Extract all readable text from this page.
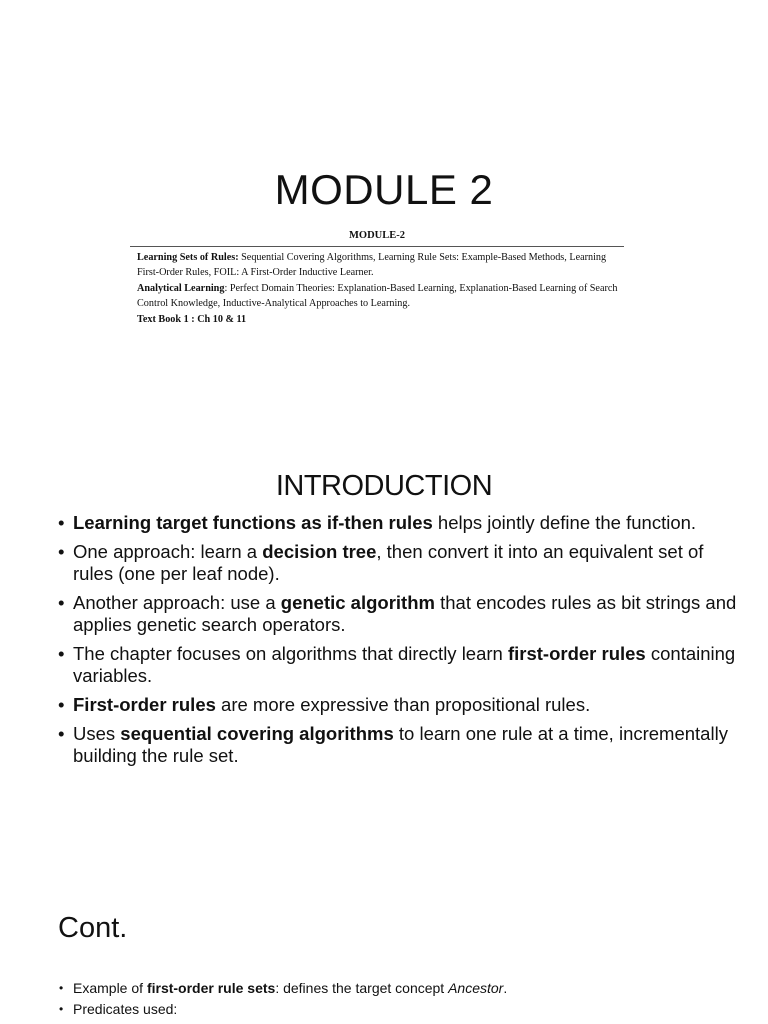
MODULE 2
MODULE-2

Learning Sets of Rules: Sequential Covering Algorithms, Learning Rule Sets: Example-Based Methods, Learning First-Order Rules, FOIL: A First-Order Inductive Learner.

Analytical Learning: Perfect Domain Theories: Explanation-Based Learning, Explanation-Based Learning of Search Control Knowledge, Inductive-Analytical Approaches to Learning.

Text Book 1 : Ch 10 & 11

INTRODUCTION
• Learning target functions as if-then rules helps jointly define the function.
• One approach: learn a decision tree, then convert it into an equivalent set of rules (one per leaf node).
• Another approach: use a genetic algorithm that encodes rules as bit strings and applies genetic search operators.
• The chapter focuses on algorithms that directly learn first-order rules containing variables.
• First-order rules are more expressive than propositional rules.
• Uses sequential covering algorithms to learn one rule at a time, incrementally building the rule set.
Cont.
• Example of first-order rule sets: defines the target concept Ancestor.
• Predicates used:
